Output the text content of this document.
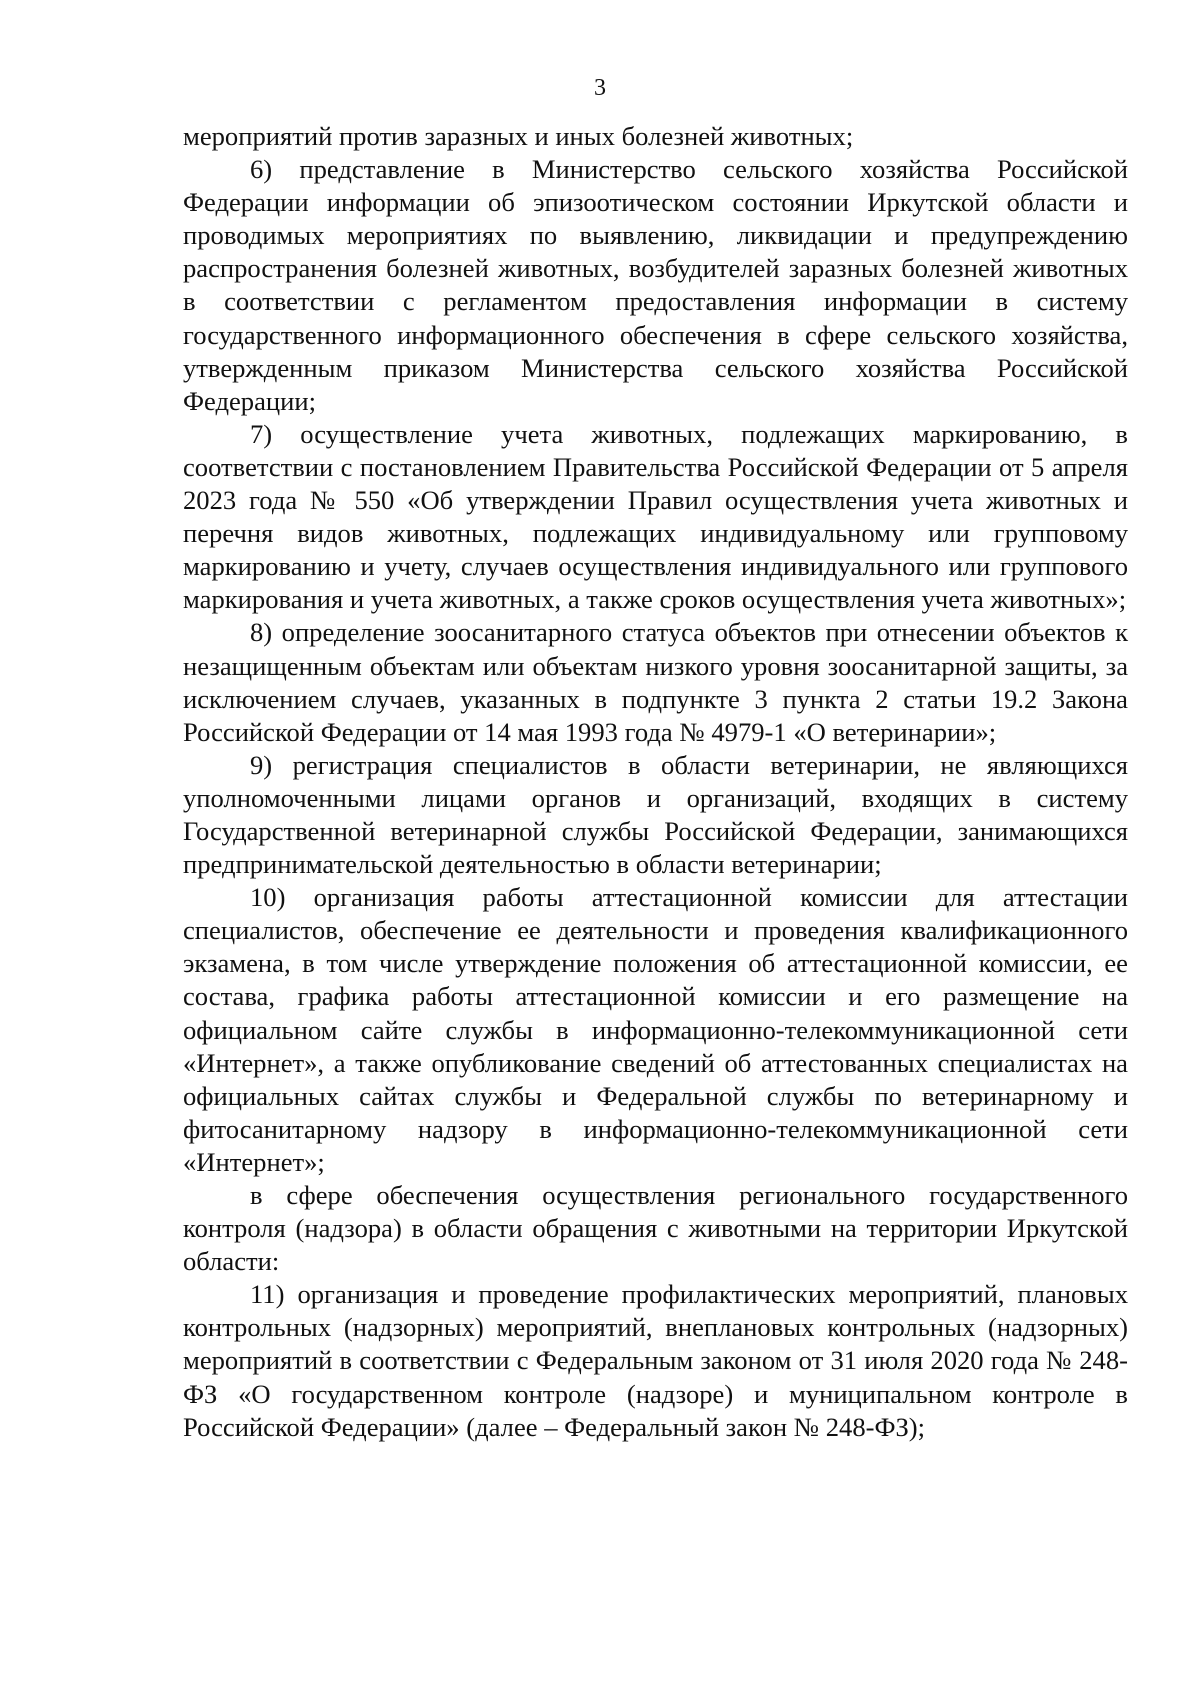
3

мероприятий против заразных и иных болезней животных;

6) представление в Министерство сельского хозяйства Российской Федерации информации об эпизоотическом состоянии Иркутской области и проводимых мероприятиях по выявлению, ликвидации и предупреждению распространения болезней животных, возбудителей заразных болезней животных в соответствии с регламентом предоставления информации в систему государственного информационного обеспечения в сфере сельского хозяйства, утвержденным приказом Министерства сельского хозяйства Российской Федерации;

7) осуществление учета животных, подлежащих маркированию, в соответствии с постановлением Правительства Российской Федерации от 5 апреля 2023 года № 550 «Об утверждении Правил осуществления учета животных и перечня видов животных, подлежащих индивидуальному или групповому маркированию и учету, случаев осуществления индивидуального или группового маркирования и учета животных, а также сроков осуществления учета животных»;

8) определение зоосанитарного статуса объектов при отнесении объектов к незащищенным объектам или объектам низкого уровня зоосанитарной защиты, за исключением случаев, указанных в подпункте 3 пункта 2 статьи 19.2 Закона Российской Федерации от 14 мая 1993 года № 4979-1 «О ветеринарии»;

9) регистрация специалистов в области ветеринарии, не являющихся уполномоченными лицами органов и организаций, входящих в систему Государственной ветеринарной службы Российской Федерации, занимающихся предпринимательской деятельностью в области ветеринарии;

10) организация работы аттестационной комиссии для аттестации специалистов, обеспечение ее деятельности и проведения квалификационного экзамена, в том числе утверждение положения об аттестационной комиссии, ее состава, графика работы аттестационной комиссии и его размещение на официальном сайте службы в информационно-телекоммуникационной сети «Интернет», а также опубликование сведений об аттестованных специалистах на официальных сайтах службы и Федеральной службы по ветеринарному и фитосанитарному надзору в информационно-телекоммуникационной сети «Интернет»;

в сфере обеспечения осуществления регионального государственного контроля (надзора) в области обращения с животными на территории Иркутской области:

11) организация и проведение профилактических мероприятий, плановых контрольных (надзорных) мероприятий, внеплановых контрольных (надзорных) мероприятий в соответствии с Федеральным законом от 31 июля 2020 года № 248-ФЗ «О государственном контроле (надзоре) и муниципальном контроле в Российской Федерации» (далее – Федеральный закон № 248-ФЗ);
